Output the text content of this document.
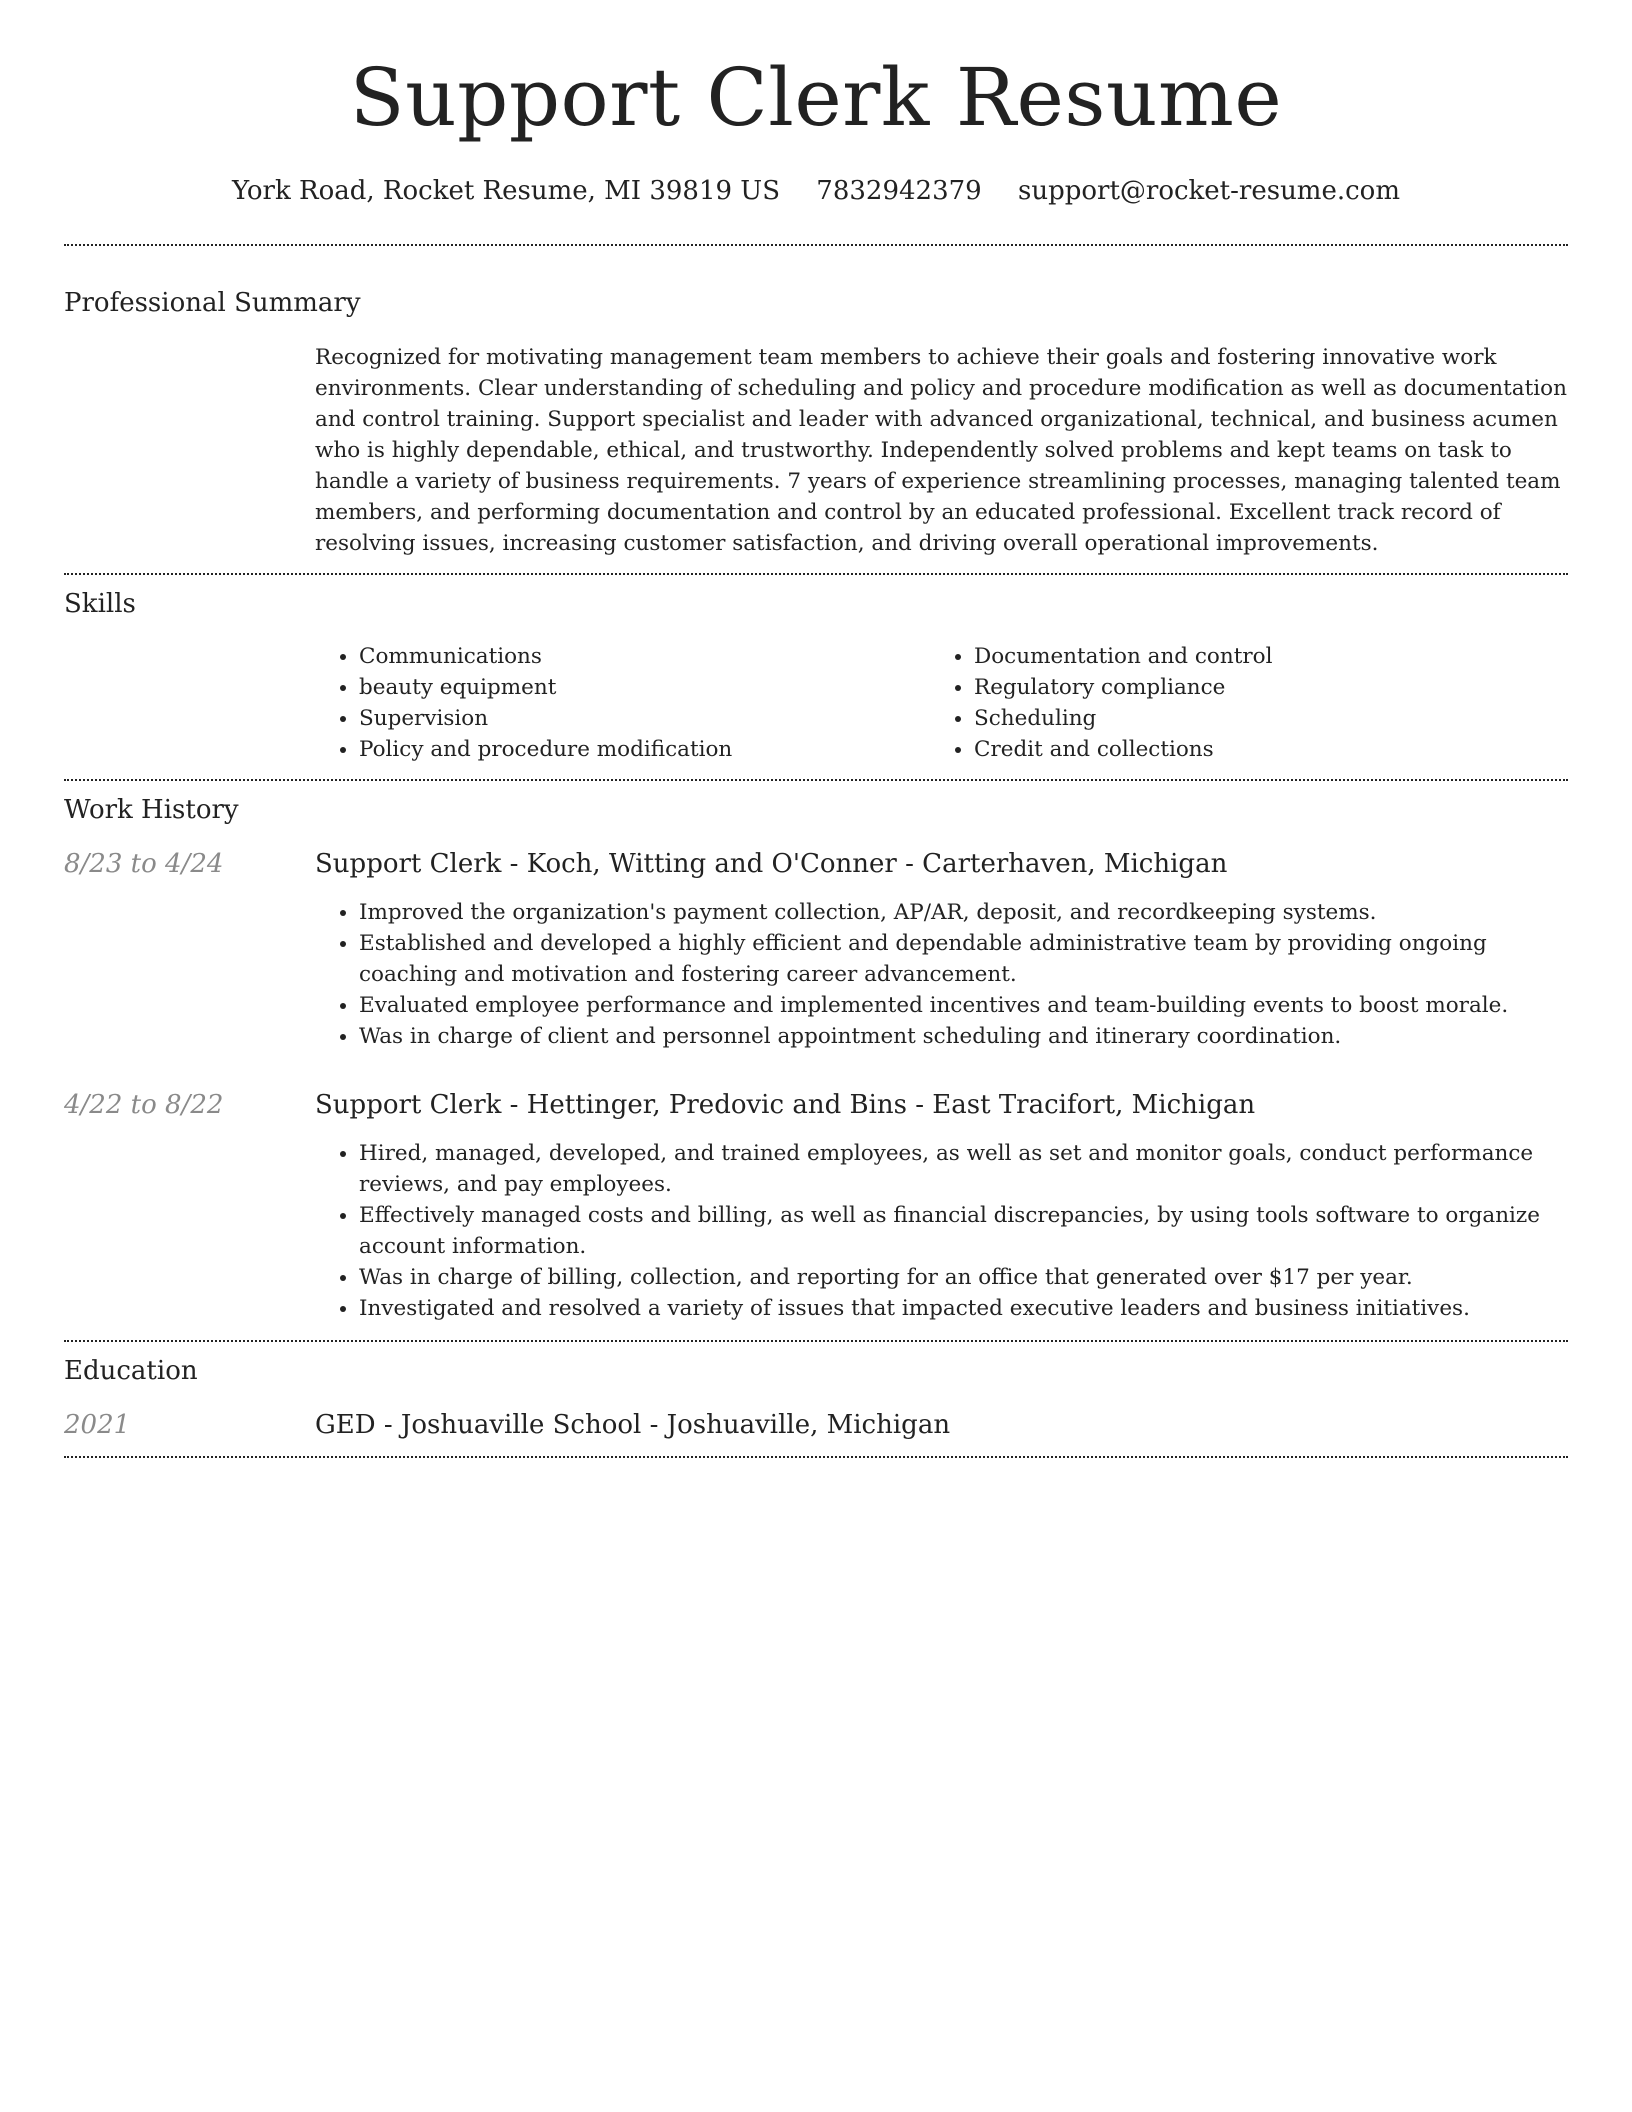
Support Clerk Resume
York Road, Rocket Resume, MI 39819 US 7832942379 support@rocket-resume.com
Professional Summary

Recognized for motivating management team members to achieve their goals and fostering innovative work environments. Clear understanding of scheduling and policy and procedure modification as well as documentation and control training. Support specialist and leader with advanced organizational, technical, and business acumen who is highly dependable, ethical, and trustworthy. Independently solved problems and kept teams on task to handle a variety of business requirements. 7 years of experience streamlining processes, managing talented team members, and performing documentation and control by an educated professional. Excellent track record of resolving issues, increasing customer satisfaction, and driving overall operational improvements.

Skills
• Communications
• beauty equipment
• Supervision
• Policy and procedure modification
• Documentation and control
• Regulatory compliance
• Scheduling
• Credit and collections
Work History
8/23 to 4/24	Support Clerk - Koch, Witting and O'Conner - Carterhaven, Michigan
• Improved the organization's payment collection, AP/AR, deposit, and recordkeeping systems.
• Established and developed a highly efficient and dependable administrative team by providing ongoing coaching and motivation and fostering career advancement.
• Evaluated employee performance and implemented incentives and team-building events to boost morale.
• Was in charge of client and personnel appointment scheduling and itinerary coordination.
4/22 to 8/22	Support Clerk - Hettinger, Predovic and Bins - East Tracifort, Michigan
• Hired, managed, developed, and trained employees, as well as set and monitor goals, conduct performance reviews, and pay employees.
• Effectively managed costs and billing, as well as financial discrepancies, by using tools software to organize account information.
• Was in charge of billing, collection, and reporting for an office that generated over $17 per year.
• Investigated and resolved a variety of issues that impacted executive leaders and business initiatives.
Education
2021	GED - Joshuaville School - Joshuaville, Michigan
